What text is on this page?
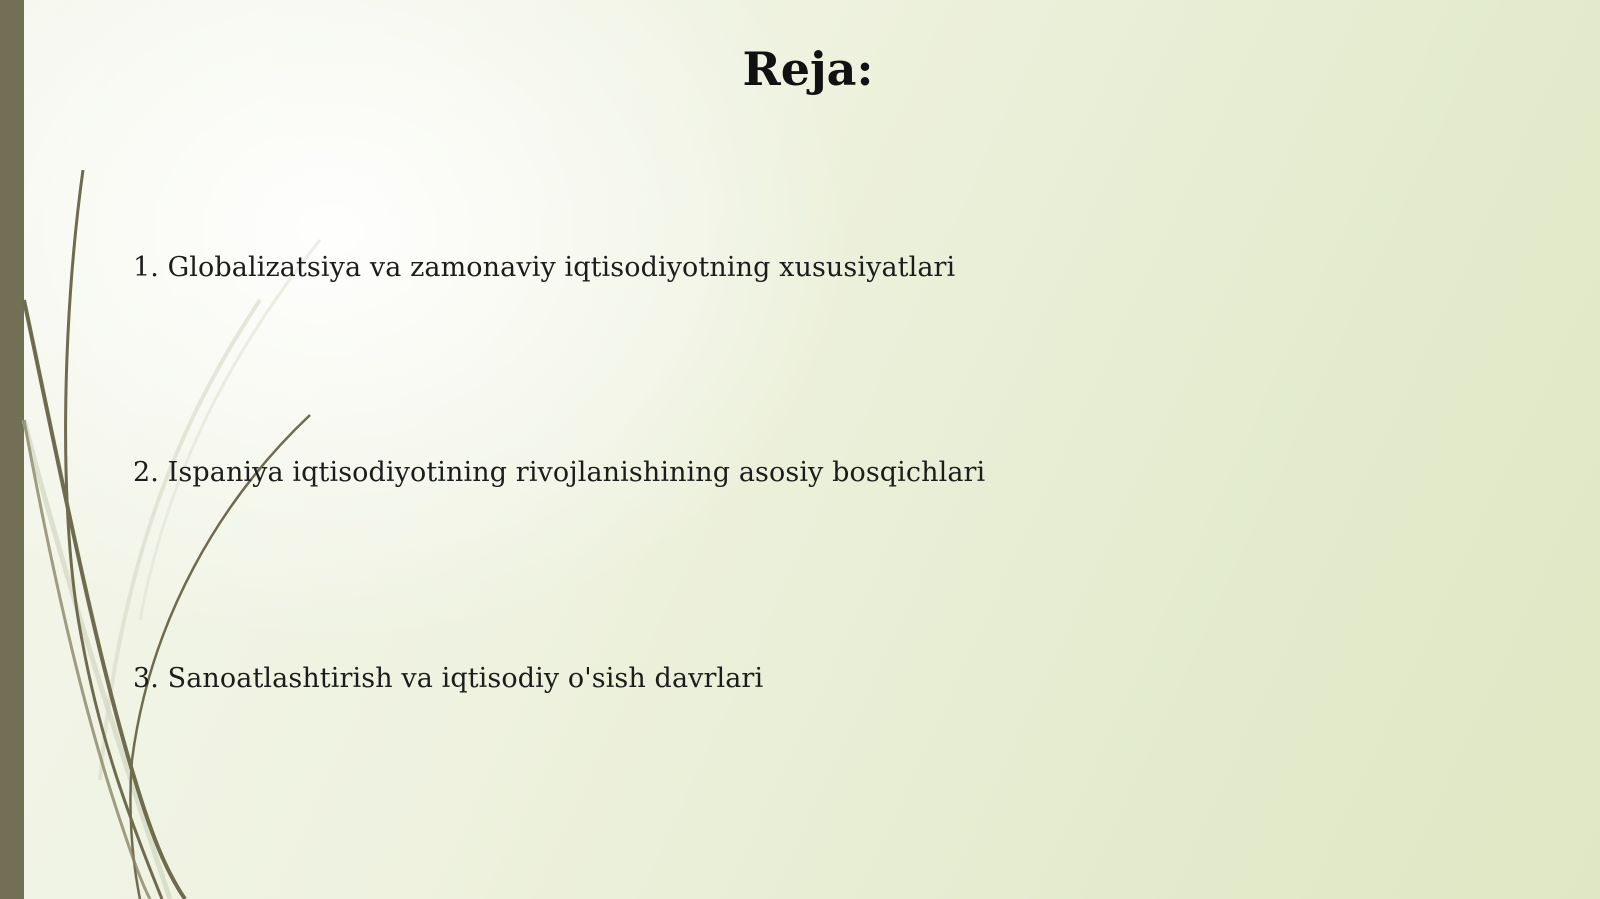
Reja:
1. Globalizatsiya va zamonaviy iqtisodiyotning xususiyatlari
2. Ispaniya iqtisodiyotining rivojlanishining asosiy bosqichlari
3. Sanoatlashtirish va iqtisodiy o'sish davrlari
